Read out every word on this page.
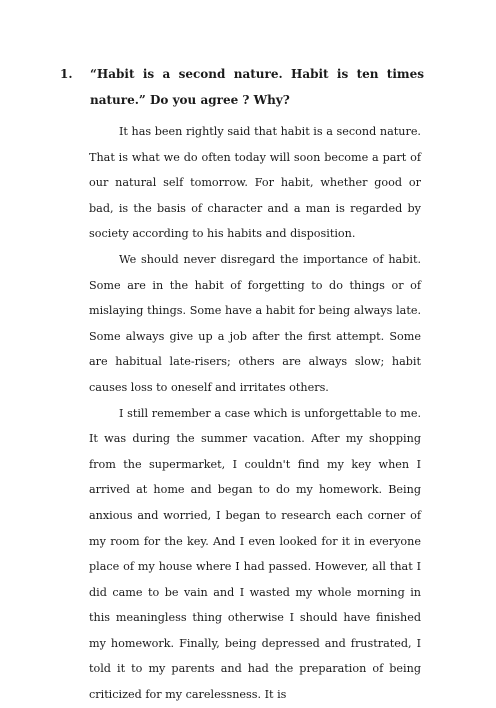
1. “Habit is a second nature. Habit is ten times nature.” Do you agree ? Why?

It has been rightly said that habit is a second nature. That is what we do often today will soon become a part of our natural self tomorrow. For habit, whether good or bad, is the basis of character and a man is regarded by society according to his habits and disposition.

We should never disregard the importance of habit. Some are in the habit of forgetting to do things or of mislaying things. Some have a habit for being always late. Some always give up a job after the first attempt. Some are habitual late-risers; others are always slow; habit causes loss to oneself and irritates others.

I still remember a case which is unforgettable to me. It was during the summer vacation. After my shopping from the supermarket, I couldn't find my key when I arrived at home and began to do my homework. Being anxious and worried, I began to research each corner of my room for the key. And I even looked for it in everyone place of my house where I had passed. However, all that I did came to be vain and I wasted my whole morning in this meaningless thing otherwise I should have finished my homework. Finally, being depressed and frustrated, I told it to my parents and had the preparation of being criticized for my carelessness. It is
